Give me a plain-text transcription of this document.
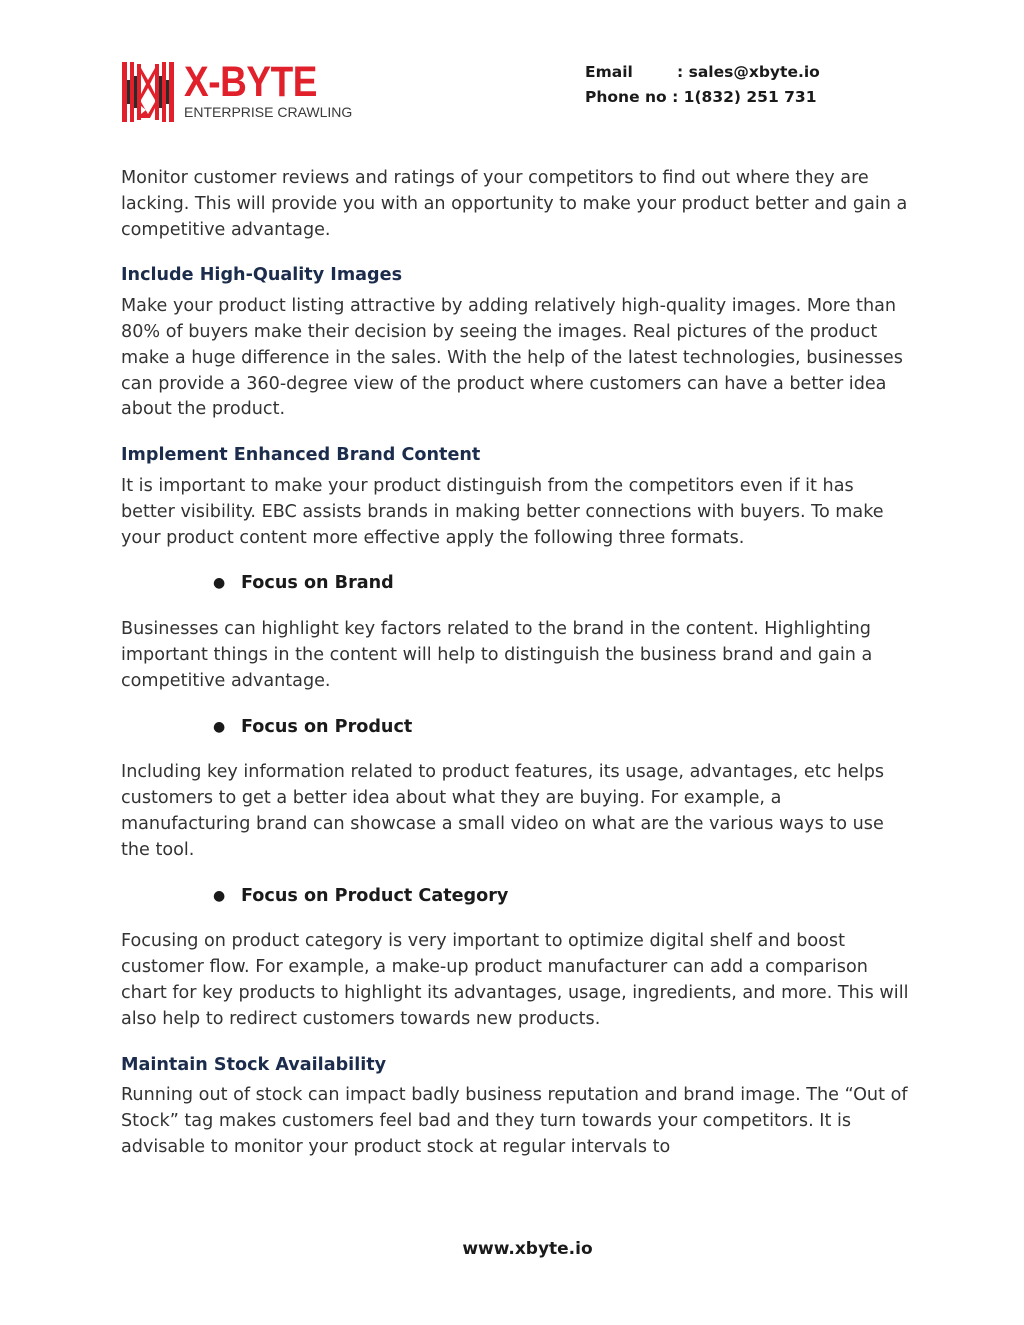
X-BYTE
ENTERPRISE CRAWLING
Email	: sales@xbyte.io
Phone no : 1(832) 251 731

Monitor customer reviews and ratings of your competitors to find out where they are lacking. This will provide you with an opportunity to make your product better and gain a competitive advantage.

Include High-Quality Images

Make your product listing attractive by adding relatively high-quality images. More than 80% of buyers make their decision by seeing the images. Real pictures of the product make a huge difference in the sales. With the help of the latest technologies, businesses can provide a 360-degree view of the product where customers can have a better idea about the product.

Implement Enhanced Brand Content

It is important to make your product distinguish from the competitors even if it has better visibility. EBC assists brands in making better connections with buyers. To make your product content more effective apply the following three formats.

● Focus on Brand

Businesses can highlight key factors related to the brand in the content. Highlighting important things in the content will help to distinguish the business brand and gain a competitive advantage.

● Focus on Product

Including key information related to product features, its usage, advantages, etc helps customers to get a better idea about what they are buying. For example, a manufacturing brand can showcase a small video on what are the various ways to use the tool.

● Focus on Product Category

Focusing on product category is very important to optimize digital shelf and boost customer flow. For example, a make-up product manufacturer can add a comparison chart for key products to highlight its advantages, usage, ingredients, and more. This will also help to redirect customers towards new products.

Maintain Stock Availability

Running out of stock can impact badly business reputation and brand image. The “Out of Stock” tag makes customers feel bad and they turn towards your competitors. It is advisable to monitor your product stock at regular intervals to

www.xbyte.io
